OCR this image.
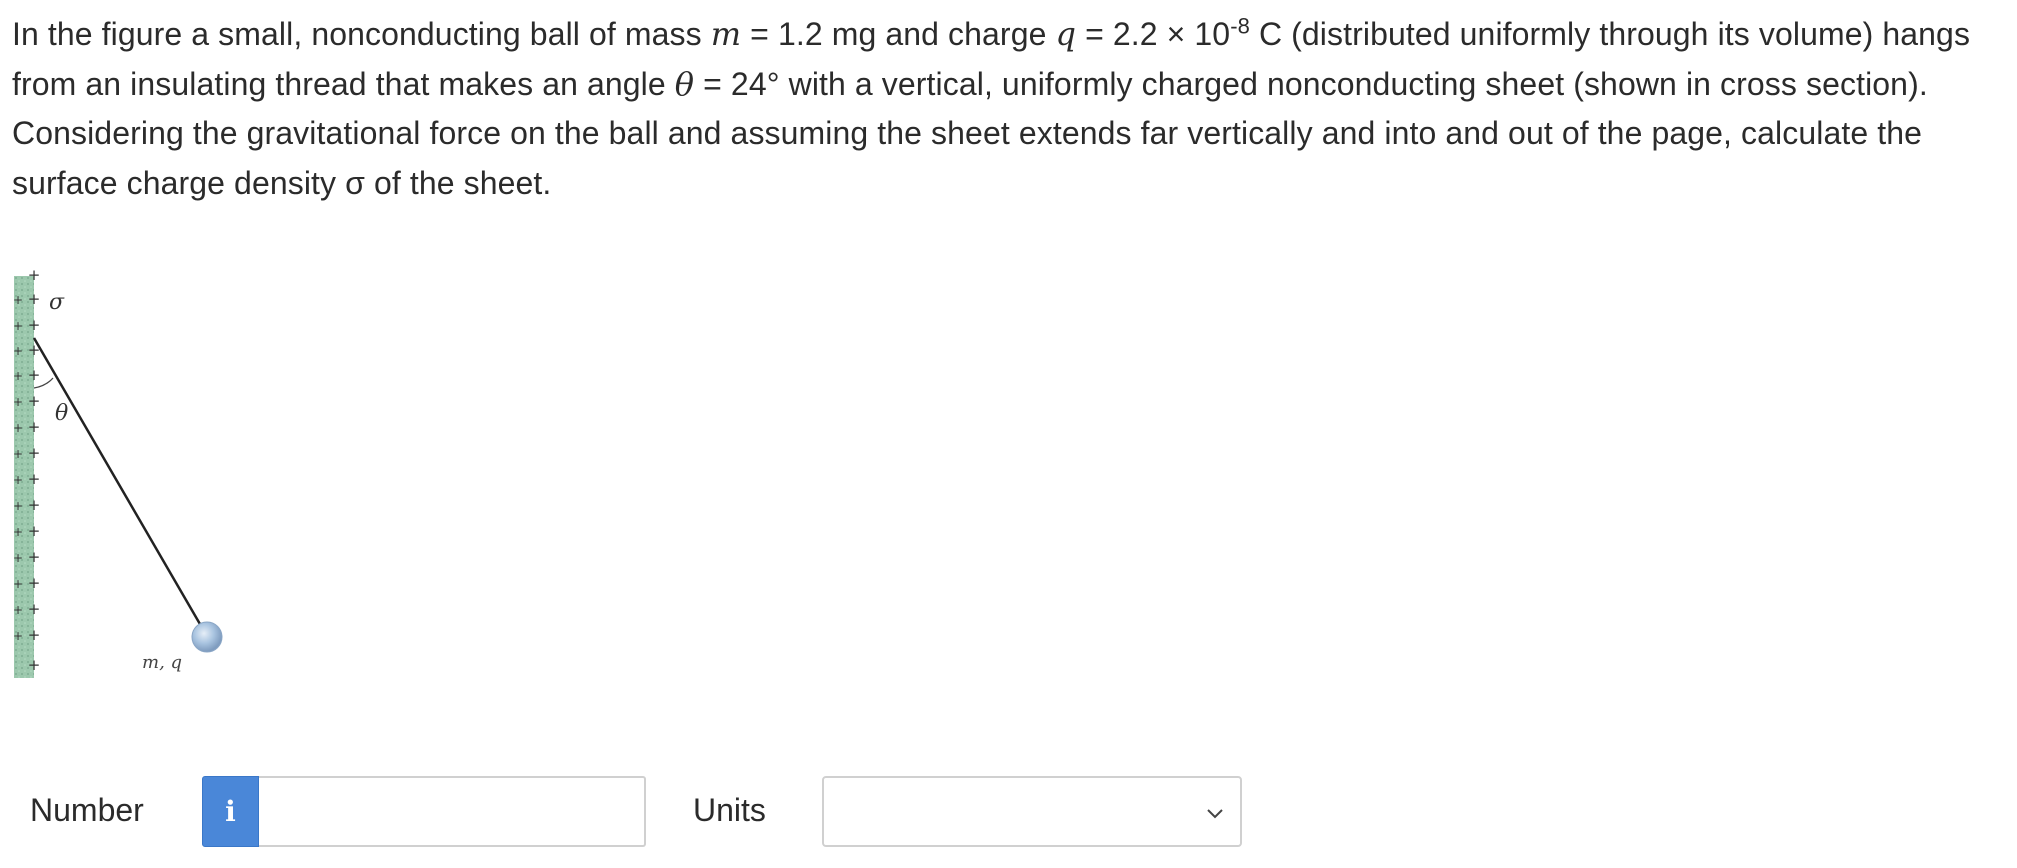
In the figure a small, nonconducting ball of mass m = 1.2 mg and charge $q = 2.2 \times 10^{-8}$ C (distributed uniformly through its volume) hangs from an insulating thread that makes an angle θ = 24° with a vertical, uniformly charged nonconducting sheet (shown in cross section). Considering the gravitational force on the ball and assuming the sheet extends far vertically and into and out of the page, calculate the surface charge density σ of the sheet.
+
+
+
+
+
+
+
+
+
+
+
+
+
+
+
+
+
+
+
+
+
+
+
+
+
+
+
+
+
+
θ
σ
m, q
Number	i	Units
